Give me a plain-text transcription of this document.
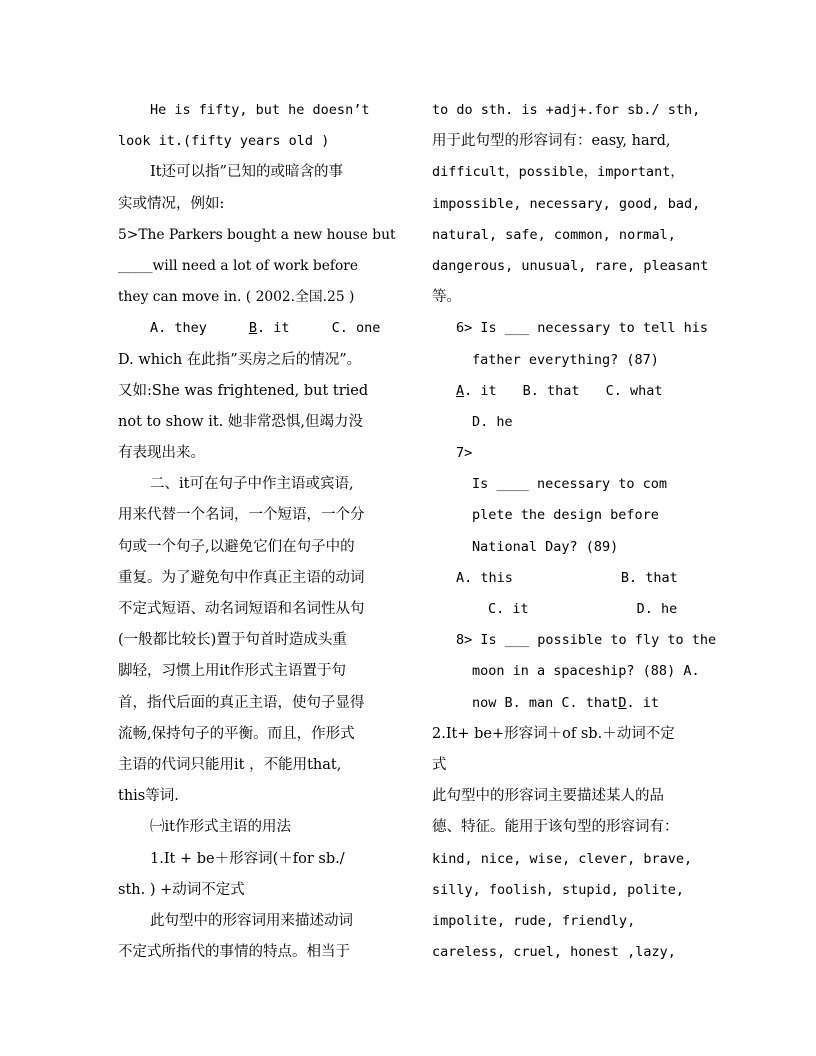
He is fifty, but he doesn’t
look it.(fifty years old )
It还可以指”已知的或暗含的事
实或情况，例如:
5>The Parkers bought a new house but
_____will need a lot of work before
they can move in. ( 2002.全国.25 )
A. they	B. it	C. one
D. which 在此指”买房之后的情况”。
又如:She was frightened, but tried
not to show it. 她非常恐惧,但竭力没
有表现出来。
二、it可在句子中作主语或宾语,
用来代替一个名词，一个短语，一个分
句或一个句子,以避免它们在句子中的
重复。为了避免句中作真正主语的动词
不定式短语、动名词短语和名词性从句
(一般都比较长)置于句首时造成头重
脚轻，习惯上用it作形式主语置于句
首，指代后面的真正主语，使句子显得
流畅,保持句子的平衡。而且，作形式
主语的代词只能用it ，不能用that,
this等词.
㈠it作形式主语的用法
1.It + be＋形容词(＋for sb./
sth. ) +动词不定式
此句型中的形容词用来描述动词
不定式所指代的事情的特点。相当于
to do sth. is +adj+.for sb./ sth,
用于此句型的形容词有：easy, hard,
difficult，possible，important，
impossible, necessary, good, bad,
natural, safe, common, normal,
dangerous, unusual, rare, pleasant
等。
6> Is ___ necessary to tell his
father everything? (87)
A. it B. that C. what
D. he
7>
Is ____ necessary to com
plete the design before
National Day? (89)
A. this	B. that
C. it	D. he
8> Is ___ possible to fly to the
moon in a spaceship? (88) A.
now B. man C. thatD. it
2.It+ be+形容词＋of sb.＋动词不定
式
此句型中的形容词主要描述某人的品
德、特征。能用于该句型的形容词有：
kind, nice, wise, clever, brave,
silly, foolish, stupid, polite,
impolite, rude, friendly,
careless, cruel, honest ,lazy,
